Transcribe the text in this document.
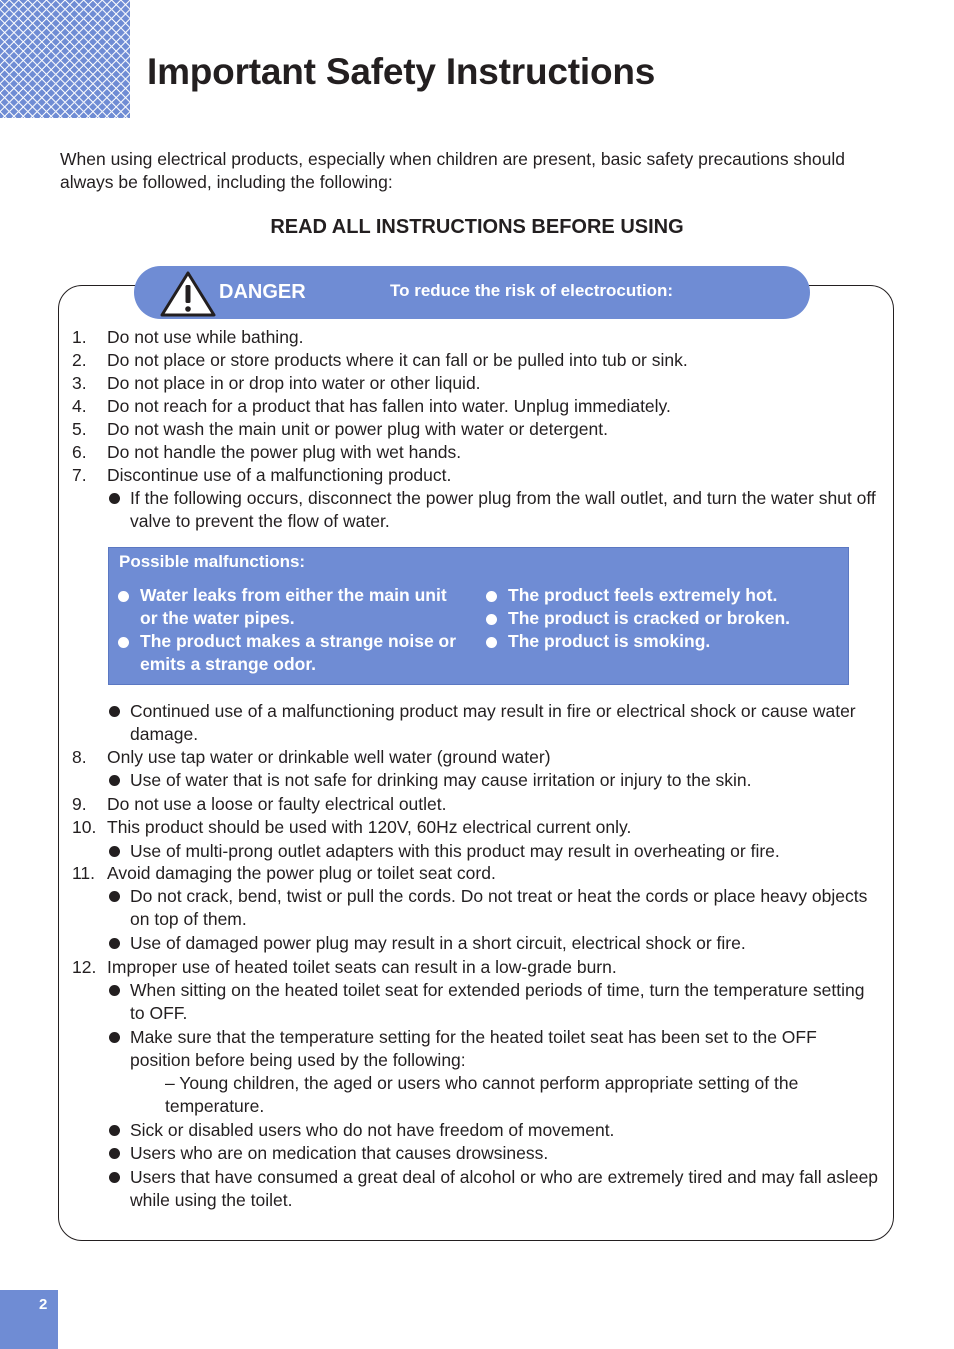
Important Safety Instructions

When using electrical products, especially when children are present, basic safety precautions should always be followed, including the following:

READ ALL INSTRUCTIONS BEFORE USING

DANGER	To reduce the risk of electrocution:
1. Do not use while bathing.
2. Do not place or store products where it can fall or be pulled into tub or sink.
3. Do not place in or drop into water or other liquid.
4. Do not reach for a product that has fallen into water. Unplug immediately.
5. Do not wash the main unit or power plug with water or detergent.
6. Do not handle the power plug with wet hands.
7. Discontinue use of a malfunctioning product.
If the following occurs, disconnect the power plug from the wall outlet, and turn the water shut off valve to prevent the flow of water.
Possible malfunctions:
Water leaks from either the main unit or the water pipes.
The product makes a strange noise or emits a strange odor.
The product feels extremely hot.
The product is cracked or broken.
The product is smoking.
Continued use of a malfunctioning product may result in fire or electrical shock or cause water damage.
8. Only use tap water or drinkable well water (ground water)
Use of water that is not safe for drinking may cause irritation or injury to the skin.
9. Do not use a loose or faulty electrical outlet.
10. This product should be used with 120V, 60Hz electrical current only.
Use of multi-prong outlet adapters with this product may result in overheating or fire.
11. Avoid damaging the power plug or toilet seat cord.
Do not crack, bend, twist or pull the cords. Do not treat or heat the cords or place heavy objects on top of them.
Use of damaged power plug may result in a short circuit, electrical shock or fire.
12. Improper use of heated toilet seats can result in a low-grade burn.
When sitting on the heated toilet seat for extended periods of time, turn the temperature setting to OFF.
Make sure that the temperature setting for the heated toilet seat has been set to the OFF position before being used by the following:
– Young children, the aged or users who cannot perform appropriate setting of the temperature.
Sick or disabled users who do not have freedom of movement.
Users who are on medication that causes drowsiness.
Users that have consumed a great deal of alcohol or who are extremely tired and may fall asleep while using the toilet.
2
